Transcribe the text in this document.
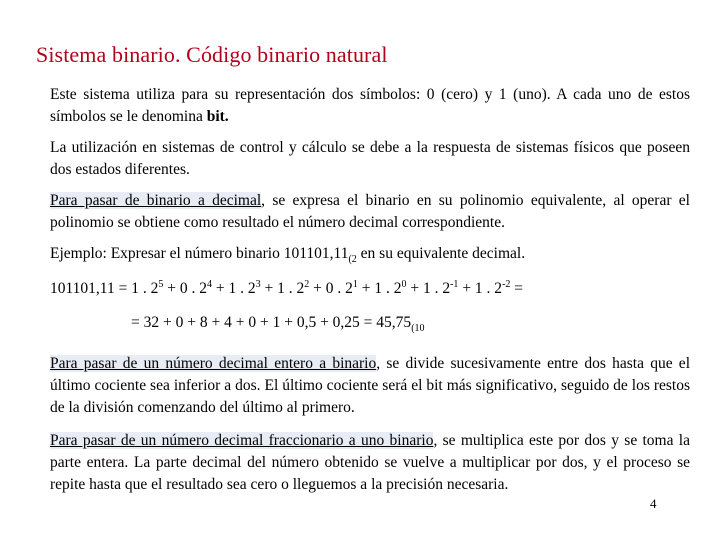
Sistema binario. Código binario natural
Este sistema utiliza para su representación dos símbolos: 0 (cero) y 1 (uno). A cada uno de estos símbolos se le denomina bit.
La utilización en sistemas de control y cálculo se debe a la respuesta de sistemas físicos que poseen dos estados diferentes.
Para pasar de binario a decimal, se expresa el binario en su polinomio equivalente, al operar el polinomio se obtiene como resultado el número decimal correspondiente.
Ejemplo: Expresar el número binario $101101,11_{(2}$ en su equivalente decimal.
101101,11 = 1 . $2^5 + 0$ . $2^4 + 1$ . $2^3 + 1$ . $2^2 + 0$ . $2^1 + 1$ . $2^0 + 1$ . $2^{-1} + 1$ . $2^{-2}$ =
= $32 + 0 + 8 + 4 + 0 + 1 + 0,5 + 0,25 = 45,75_{(10}$
Para pasar de un número decimal entero a binario, se divide sucesivamente entre dos hasta que el último cociente sea inferior a dos. El último cociente será el bit más significativo, seguido de los restos de la división comenzando del último al primero.
Para pasar de un número decimal fraccionario a uno binario, se multiplica este por dos y se toma la parte entera. La parte decimal del número obtenido se vuelve a multiplicar por dos, y el proceso se repite hasta que el resultado sea cero o lleguemos a la precisión necesaria.
4
